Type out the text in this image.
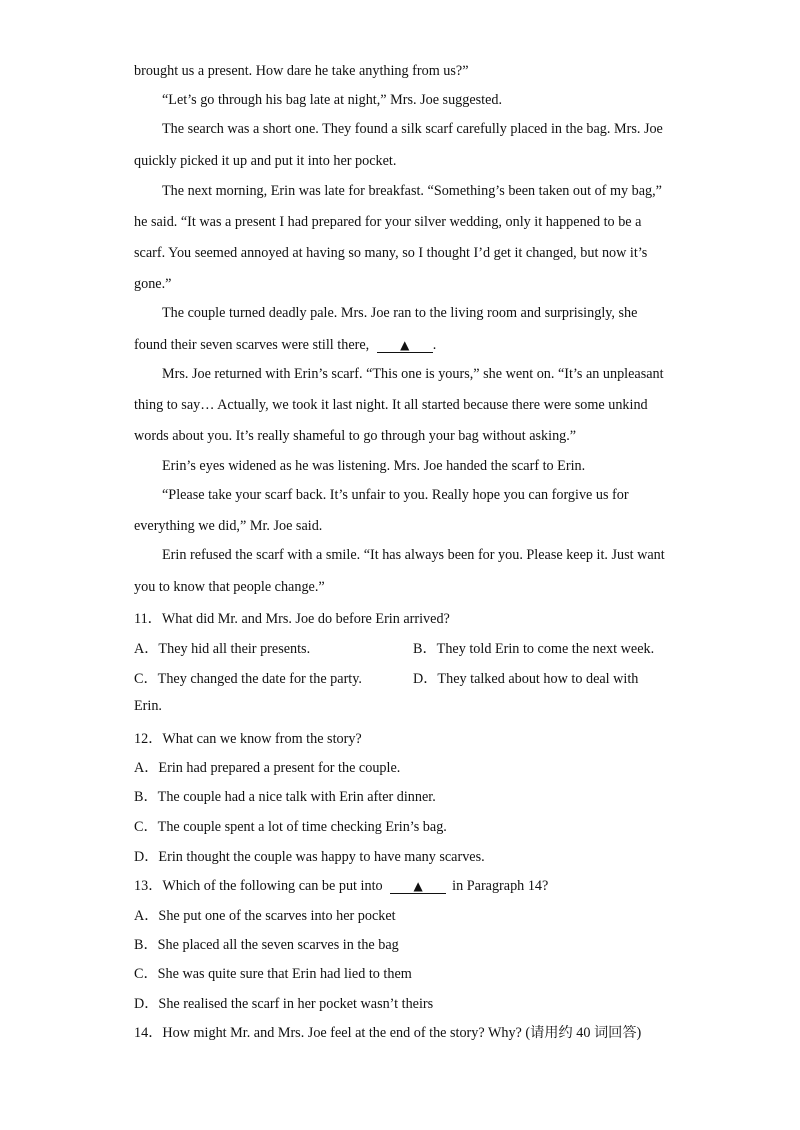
brought us a present. How dare he take anything from us?”
“Let’s go through his bag late at night,” Mrs. Joe suggested.
The search was a short one. They found a silk scarf carefully placed in the bag. Mrs. Joe
quickly picked it up and put it into her pocket.
The next morning, Erin was late for breakfast. “Something’s been taken out of my bag,”
he said. “It was a present I had prepared for your silver wedding, only it happened to be a
scarf. You seemed annoyed at having so many, so I thought I’d get it changed, but now it’s
gone.”
The couple turned deadly pale. Mrs. Joe ran to the living room and surprisingly, she
found their seven scarves were still there,	▲ .
Mrs. Joe returned with Erin’s scarf. “This one is yours,” she went on. “It’s an unpleasant
thing to say… Actually, we took it last night. It all started because there were some unkind
words about you. It’s really shameful to go through your bag without asking.”
Erin’s eyes widened as he was listening. Mrs. Joe handed the scarf to Erin.
“Please take your scarf back. It’s unfair to you. Really hope you can forgive us for
everything we did,” Mr. Joe said.
Erin refused the scarf with a smile. “It has always been for you. Please keep it. Just want
you to know that people change.”
11．What did Mr. and Mrs. Joe do before Erin arrived?
A．They hid all their presents.	B．They told Erin to come the next week.
C．They changed the date for the party.	D．They talked about how to deal with
Erin.
12．What can we know from the story?
A．Erin had prepared a present for the couple.
B．The couple had a nice talk with Erin after dinner.
C．The couple spent a lot of time checking Erin’s bag.
D．Erin thought the couple was happy to have many scarves.
13．Which of the following can be put into	▲ in Paragraph 14?
A．She put one of the scarves into her pocket
B．She placed all the seven scarves in the bag
C．She was quite sure that Erin had lied to them
D．She realised the scarf in her pocket wasn’t theirs
14．How might Mr. and Mrs. Joe feel at the end of the story? Why? (请用约 40 词回答)
